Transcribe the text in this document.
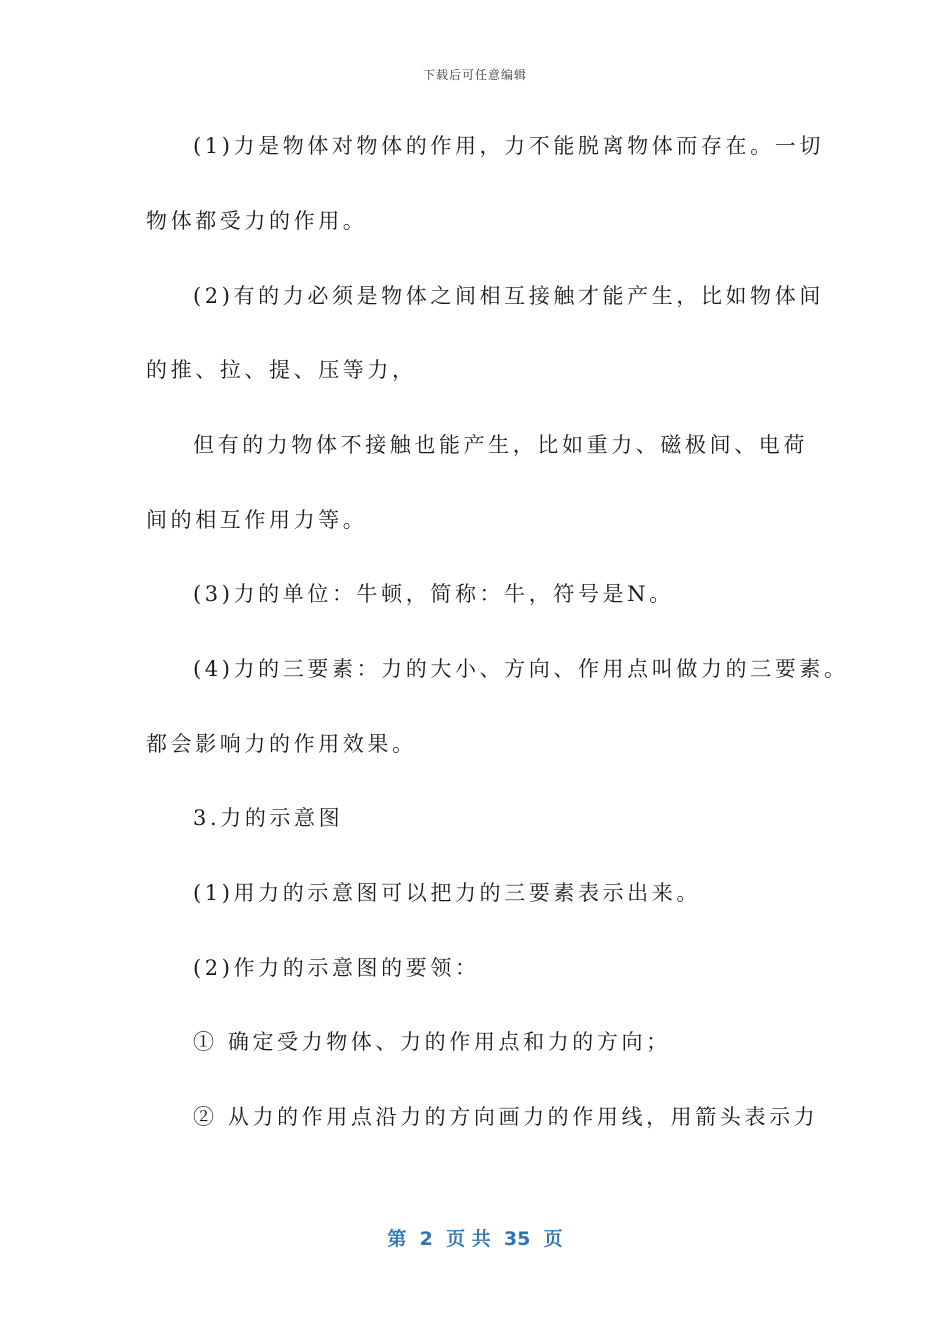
下载后可任意编辑
(1)力是物体对物体的作用，力不能脱离物体而存在。一切
物体都受力的作用。
(2)有的力必须是物体之间相互接触才能产生，比如物体间
的推、拉、提、压等力，
但有的力物体不接触也能产生，比如重力、磁极间、电荷
间的相互作用力等。
(3)力的单位：牛顿，简称：牛，符号是N。
(4)力的三要素：力的大小、方向、作用点叫做力的三要素。
都会影响力的作用效果。
3.力的示意图
(1)用力的示意图可以把力的三要素表示出来。
(2)作力的示意图的要领：
① 确定受力物体、力的作用点和力的方向；
② 从力的作用点沿力的方向画力的作用线，用箭头表示力
第  2  页 共  35  页
